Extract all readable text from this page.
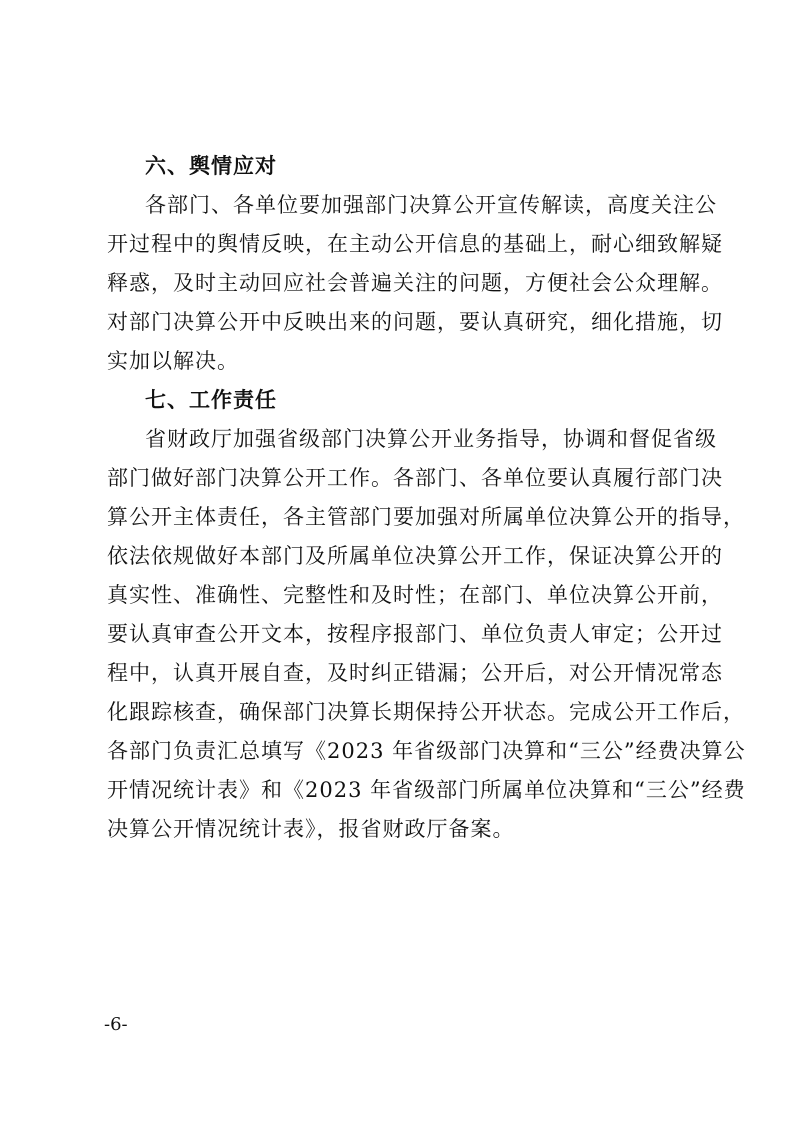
六、舆情应对
各部门、各单位要加强部门决算公开宣传解读，高度关注公
开过程中的舆情反映，在主动公开信息的基础上，耐心细致解疑
释惑，及时主动回应社会普遍关注的问题，方便社会公众理解。
对部门决算公开中反映出来的问题，要认真研究，细化措施，切
实加以解决。
七、工作责任
省财政厅加强省级部门决算公开业务指导，协调和督促省级
部门做好部门决算公开工作。各部门、各单位要认真履行部门决
算公开主体责任，各主管部门要加强对所属单位决算公开的指导，
依法依规做好本部门及所属单位决算公开工作，保证决算公开的
真实性、准确性、完整性和及时性；在部门、单位决算公开前，
要认真审查公开文本，按程序报部门、单位负责人审定；公开过
程中，认真开展自查，及时纠正错漏；公开后，对公开情况常态
化跟踪核查，确保部门决算长期保持公开状态。完成公开工作后，
各部门负责汇总填写《2023 年省级部门决算和“三公”经费决算公
开情况统计表》和《2023 年省级部门所属单位决算和“三公”经费
决算公开情况统计表》，报省财政厅备案。
-6-
